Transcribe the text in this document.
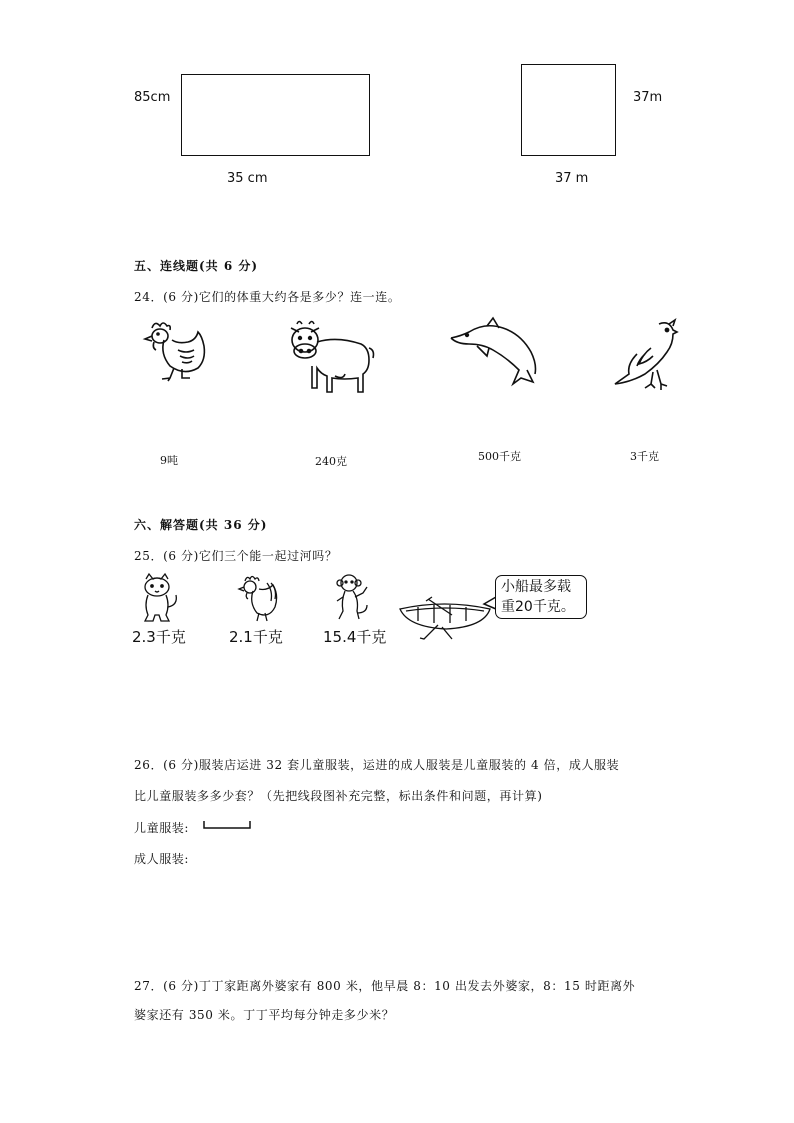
85cm
35 cm
37m
37 m
五、连线题(共 6 分)
24．(6 分)它们的体重大约各是多少？连一连。
9吨	240克	500千克	3千克
六、解答题(共 36 分)
25．(6 分)它们三个能一起过河吗？
小船最多载
重20千克。
2.3千克	2.1千克	15.4千克
26．(6 分)服装店运进 32 套儿童服装，运进的成人服装是儿童服装的 4 倍，成人服装
比儿童服装多多少套？（先把线段图补充完整，标出条件和问题，再计算)
儿童服装:
成人服装:
27．(6 分)丁丁家距离外婆家有 800 米，他早晨 8：10 出发去外婆家，8：15 时距离外
婆家还有 350 米。丁丁平均每分钟走多少米？
